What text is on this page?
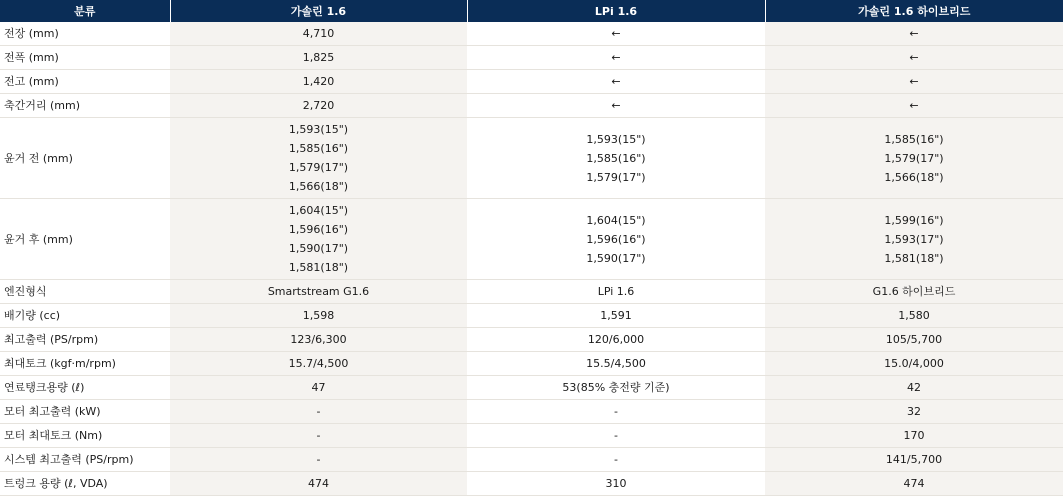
분류	가솔린 1.6	LPi 1.6	가솔린 1.6 하이브리드
전장 (mm)	4,710	←	←

전폭 (mm)	1,825	←	←

전고 (mm)	1,420	←	←

축간거리 (mm)	2,720	←	←

윤거 전 (mm)	1,593(15")
1,585(16")
1,579(17")
1,566(18")	1,593(15")
1,585(16")
1,579(17")	1,585(16")
1,579(17")
1,566(18")

윤거 후 (mm)	1,604(15")
1,596(16")
1,590(17")
1,581(18")	1,604(15")
1,596(16")
1,590(17")	1,599(16")
1,593(17")
1,581(18")

엔진형식	Smartstream G1.6	LPi 1.6	G1.6 하이브리드

배기량 (cc)	1,598	1,591	1,580

최고출력 (PS/rpm)	123/6,300	120/6,000	105/5,700

최대토크 (kgf·m/rpm)	15.7/4,500	15.5/4,500	15.0/4,000

연료탱크용량 (ℓ)	47	53(85% 충전량 기준)	42

모터 최고출력 (kW)	-	-	32

모터 최대토크 (Nm)	-	-	170

시스템 최고출력 (PS/rpm)	-	-	141/5,700

트렁크 용량 (ℓ, VDA)	474	310	474
